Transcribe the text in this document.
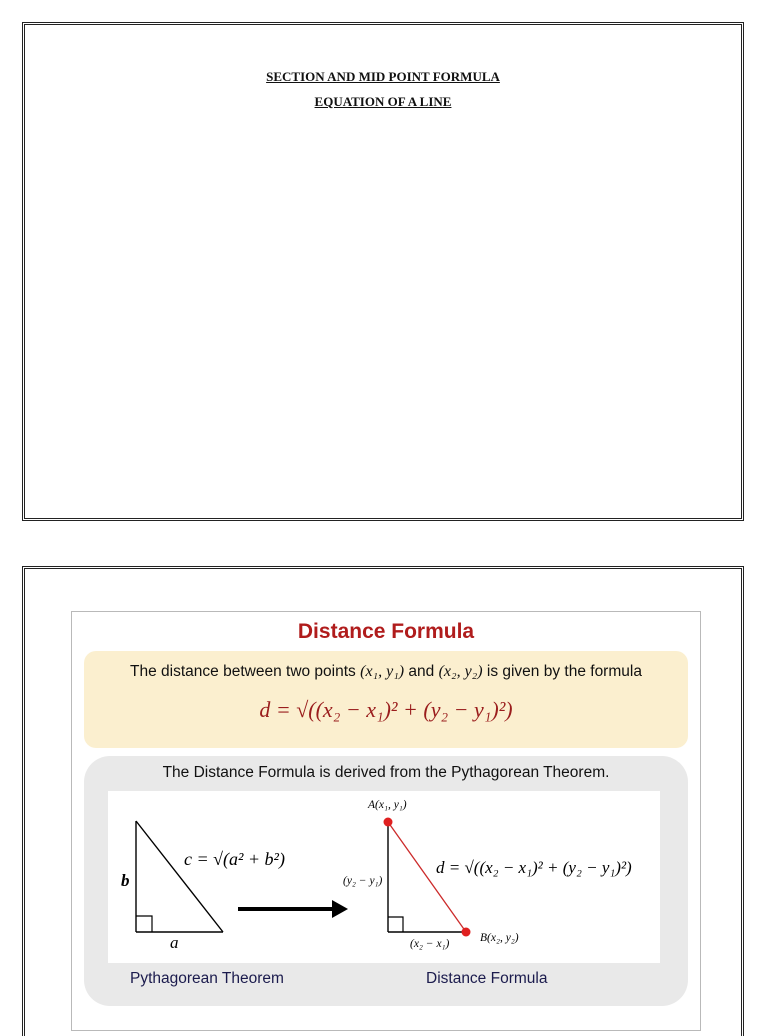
SECTION AND MID POINT FORMULA
EQUATION OF A LINE
Distance Formula
The distance between two points (x₁, y₁) and (x₂, y₂) is given by the formula
d = √((x₂ − x₁)² + (y₂ − y₁)²)
The Distance Formula is derived from the Pythagorean Theorem.
b
a
c = √(a² + b²)
A(x₁, y₁)
B(x₂, y₂)
(y₂ − y₁)
(x₂ − x₁)
d = √((x₂ − x₁)² + (y₂ − y₁)²)
Pythagorean Theorem	Distance Formula
